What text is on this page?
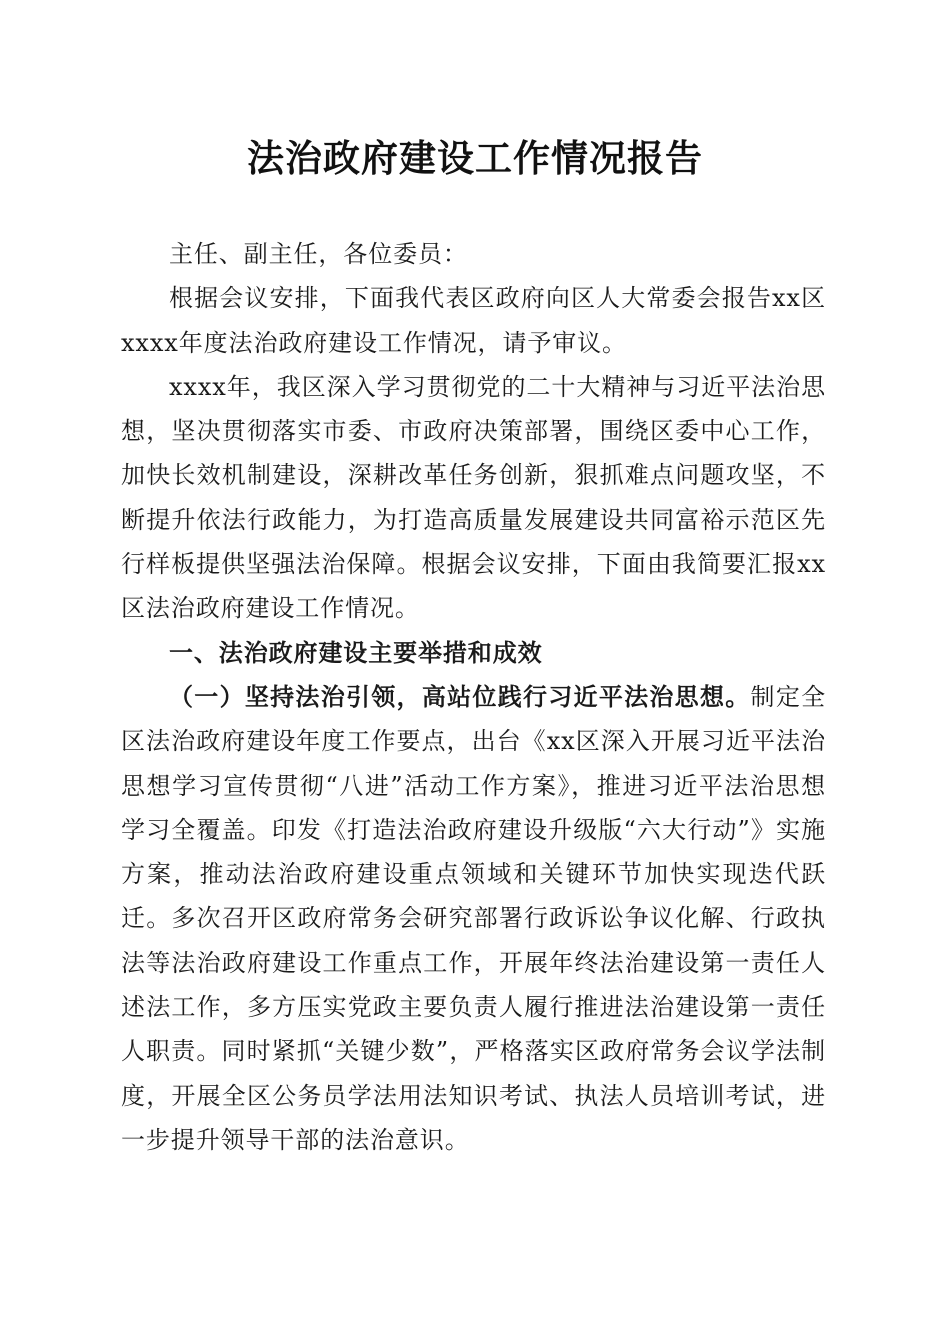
法治政府建设工作情况报告

主任、副主任，各位委员：

根据会议安排，下面我代表区政府向区人大常委会报告xx区xxxx年度法治政府建设工作情况，请予审议。

xxxx年，我区深入学习贯彻党的二十大精神与习近平法治思想，坚决贯彻落实市委、市政府决策部署，围绕区委中心工作，加快长效机制建设，深耕改革任务创新，狠抓难点问题攻坚，不断提升依法行政能力，为打造高质量发展建设共同富裕示范区先行样板提供坚强法治保障。根据会议安排，下面由我简要汇报xx区法治政府建设工作情况。

一、法治政府建设主要举措和成效

（一）坚持法治引领，高站位践行习近平法治思想。制定全区法治政府建设年度工作要点，出台《xx区深入开展习近平法治思想学习宣传贯彻“八进”活动工作方案》，推进习近平法治思想学习全覆盖。印发《打造法治政府建设升级版“六大行动”》实施方案，推动法治政府建设重点领域和关键环节加快实现迭代跃迁。多次召开区政府常务会研究部署行政诉讼争议化解、行政执法等法治政府建设工作重点工作，开展年终法治建设第一责任人述法工作，多方压实党政主要负责人履行推进法治建设第一责任人职责。同时紧抓“关键少数”，严格落实区政府常务会议学法制度，开展全区公务员学法用法知识考试、执法人员培训考试，进一步提升领导干部的法治意识。
